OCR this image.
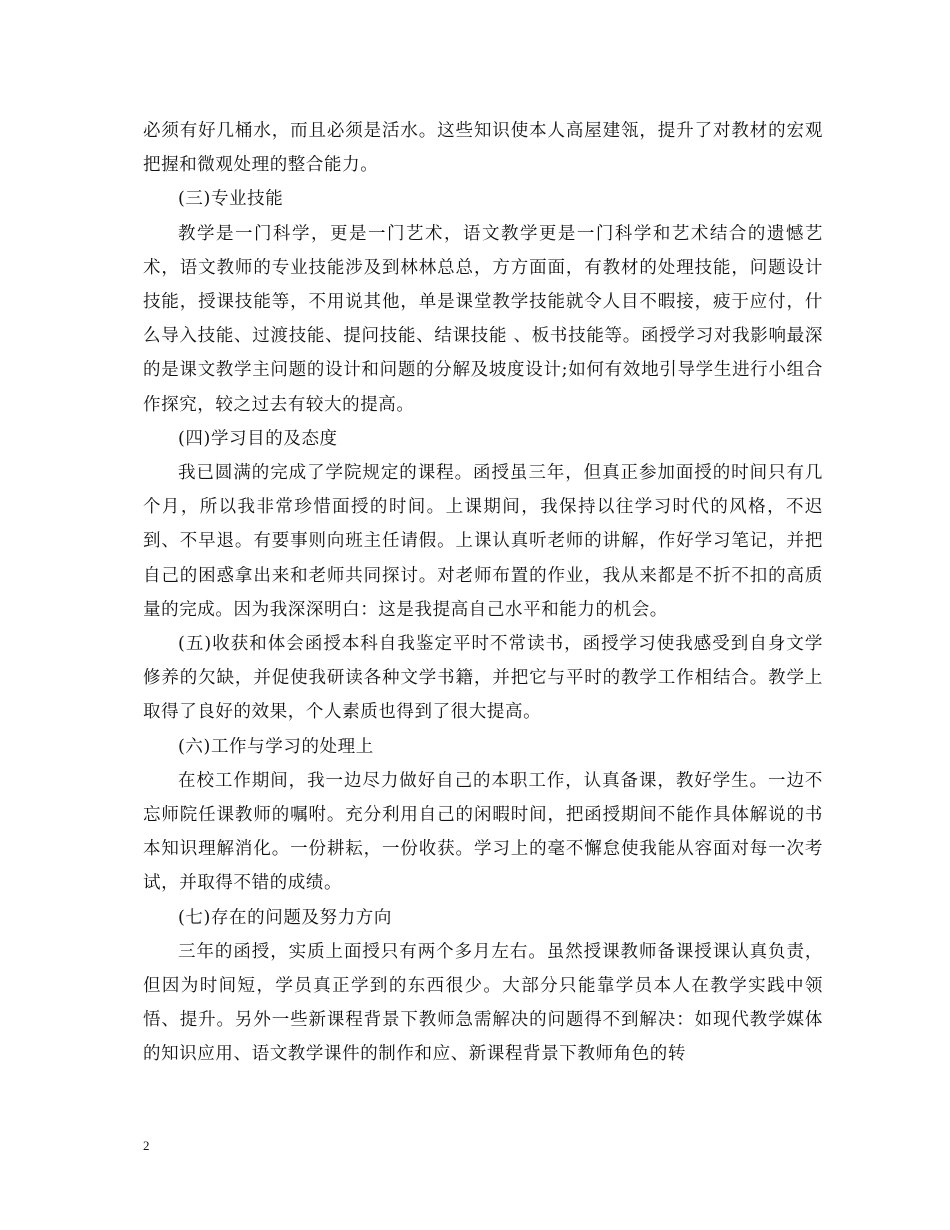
必须有好几桶水，而且必须是活水。这些知识使本人高屋建瓴，提升了对教材的宏观把握和微观处理的整合能力。

(三)专业技能

教学是一门科学，更是一门艺术，语文教学更是一门科学和艺术结合的遗憾艺术，语文教师的专业技能涉及到林林总总，方方面面，有教材的处理技能，问题设计技能，授课技能等，不用说其他，单是课堂教学技能就令人目不暇接，疲于应付，什么导入技能、过渡技能、提问技能、结课技能 、板书技能等。函授学习对我影响最深的是课文教学主问题的设计和问题的分解及坡度设计;如何有效地引导学生进行小组合作探究，较之过去有较大的提高。

(四)学习目的及态度

我已圆满的完成了学院规定的课程。函授虽三年，但真正参加面授的时间只有几个月，所以我非常珍惜面授的时间。上课期间，我保持以往学习时代的风格，不迟到、不早退。有要事则向班主任请假。上课认真听老师的讲解，作好学习笔记，并把自己的困惑拿出来和老师共同探讨。对老师布置的作业，我从来都是不折不扣的高质量的完成。因为我深深明白：这是我提高自己水平和能力的机会。

(五)收获和体会函授本科自我鉴定平时不常读书，函授学习使我感受到自身文学修养的欠缺，并促使我研读各种文学书籍，并把它与平时的教学工作相结合。教学上取得了良好的效果，个人素质也得到了很大提高。

(六)工作与学习的处理上

在校工作期间，我一边尽力做好自己的本职工作，认真备课，教好学生。一边不忘师院任课教师的嘱咐。充分利用自己的闲暇时间，把函授期间不能作具体解说的书本知识理解消化。一份耕耘，一份收获。学习上的毫不懈怠使我能从容面对每一次考试，并取得不错的成绩。

(七)存在的问题及努力方向

三年的函授，实质上面授只有两个多月左右。虽然授课教师备课授课认真负责，但因为时间短，学员真正学到的东西很少。大部分只能靠学员本人在教学实践中领悟、提升。另外一些新课程背景下教师急需解决的问题得不到解决：如现代教学媒体的知识应用、语文教学课件的制作和应、新课程背景下教师角色的转

2
